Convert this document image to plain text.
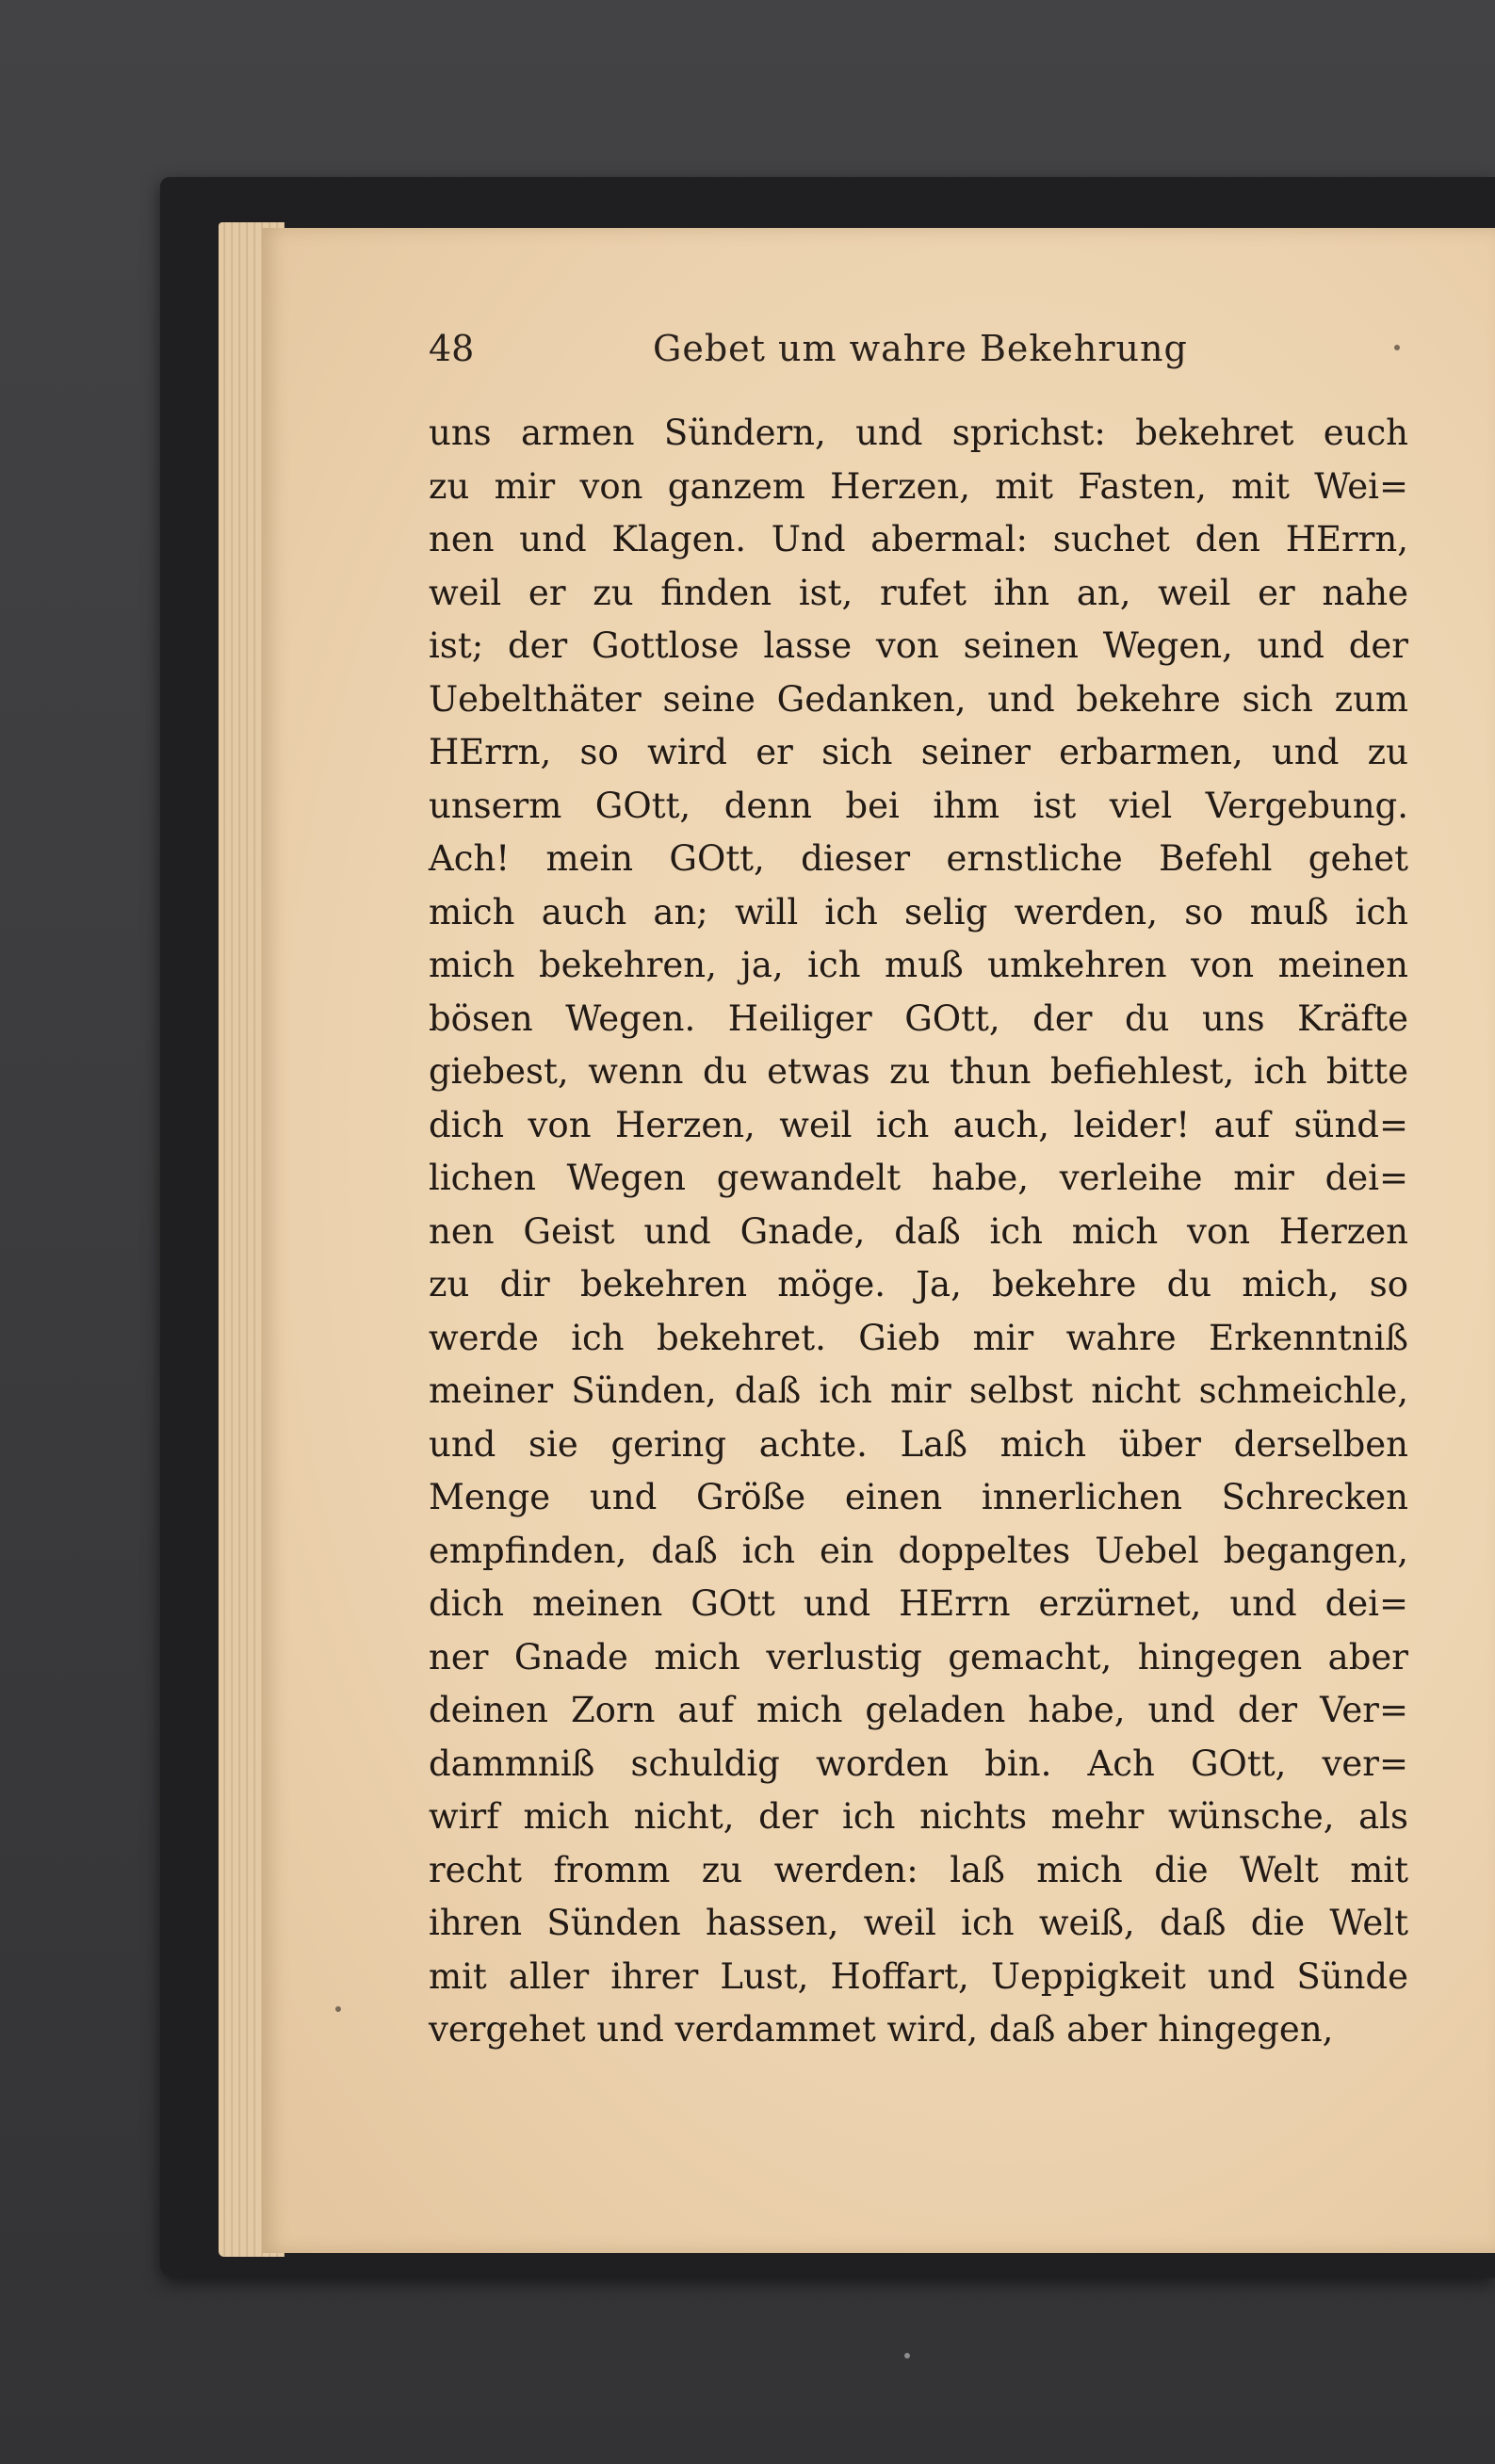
48	Gebet um wahre Bekehrung
uns armen Sündern, und sprichst: bekehret euch
zu mir von ganzem Herzen, mit Fasten, mit Wei=
nen und Klagen. Und abermal: suchet den HErrn,
weil er zu finden ist, rufet ihn an, weil er nahe
ist; der Gottlose lasse von seinen Wegen, und der
Uebelthäter seine Gedanken, und bekehre sich zum
HErrn, so wird er sich seiner erbarmen, und zu
unserm GOtt, denn bei ihm ist viel Vergebung.
Ach! mein GOtt, dieser ernstliche Befehl gehet
mich auch an; will ich selig werden, so muß ich
mich bekehren, ja, ich muß umkehren von meinen
bösen Wegen. Heiliger GOtt, der du uns Kräfte
giebest, wenn du etwas zu thun befiehlest, ich bitte
dich von Herzen, weil ich auch, leider! auf sünd=
lichen Wegen gewandelt habe, verleihe mir dei=
nen Geist und Gnade, daß ich mich von Herzen
zu dir bekehren möge. Ja, bekehre du mich, so
werde ich bekehret. Gieb mir wahre Erkenntniß
meiner Sünden, daß ich mir selbst nicht schmeichle,
und sie gering achte. Laß mich über derselben
Menge und Größe einen innerlichen Schrecken
empfinden, daß ich ein doppeltes Uebel begangen,
dich meinen GOtt und HErrn erzürnet, und dei=
ner Gnade mich verlustig gemacht, hingegen aber
deinen Zorn auf mich geladen habe, und der Ver=
dammniß schuldig worden bin. Ach GOtt, ver=
wirf mich nicht, der ich nichts mehr wünsche, als
recht fromm zu werden: laß mich die Welt mit
ihren Sünden hassen, weil ich weiß, daß die Welt
mit aller ihrer Lust, Hoffart, Ueppigkeit und Sünde
vergehet und verdammet wird, daß aber hingegen,
